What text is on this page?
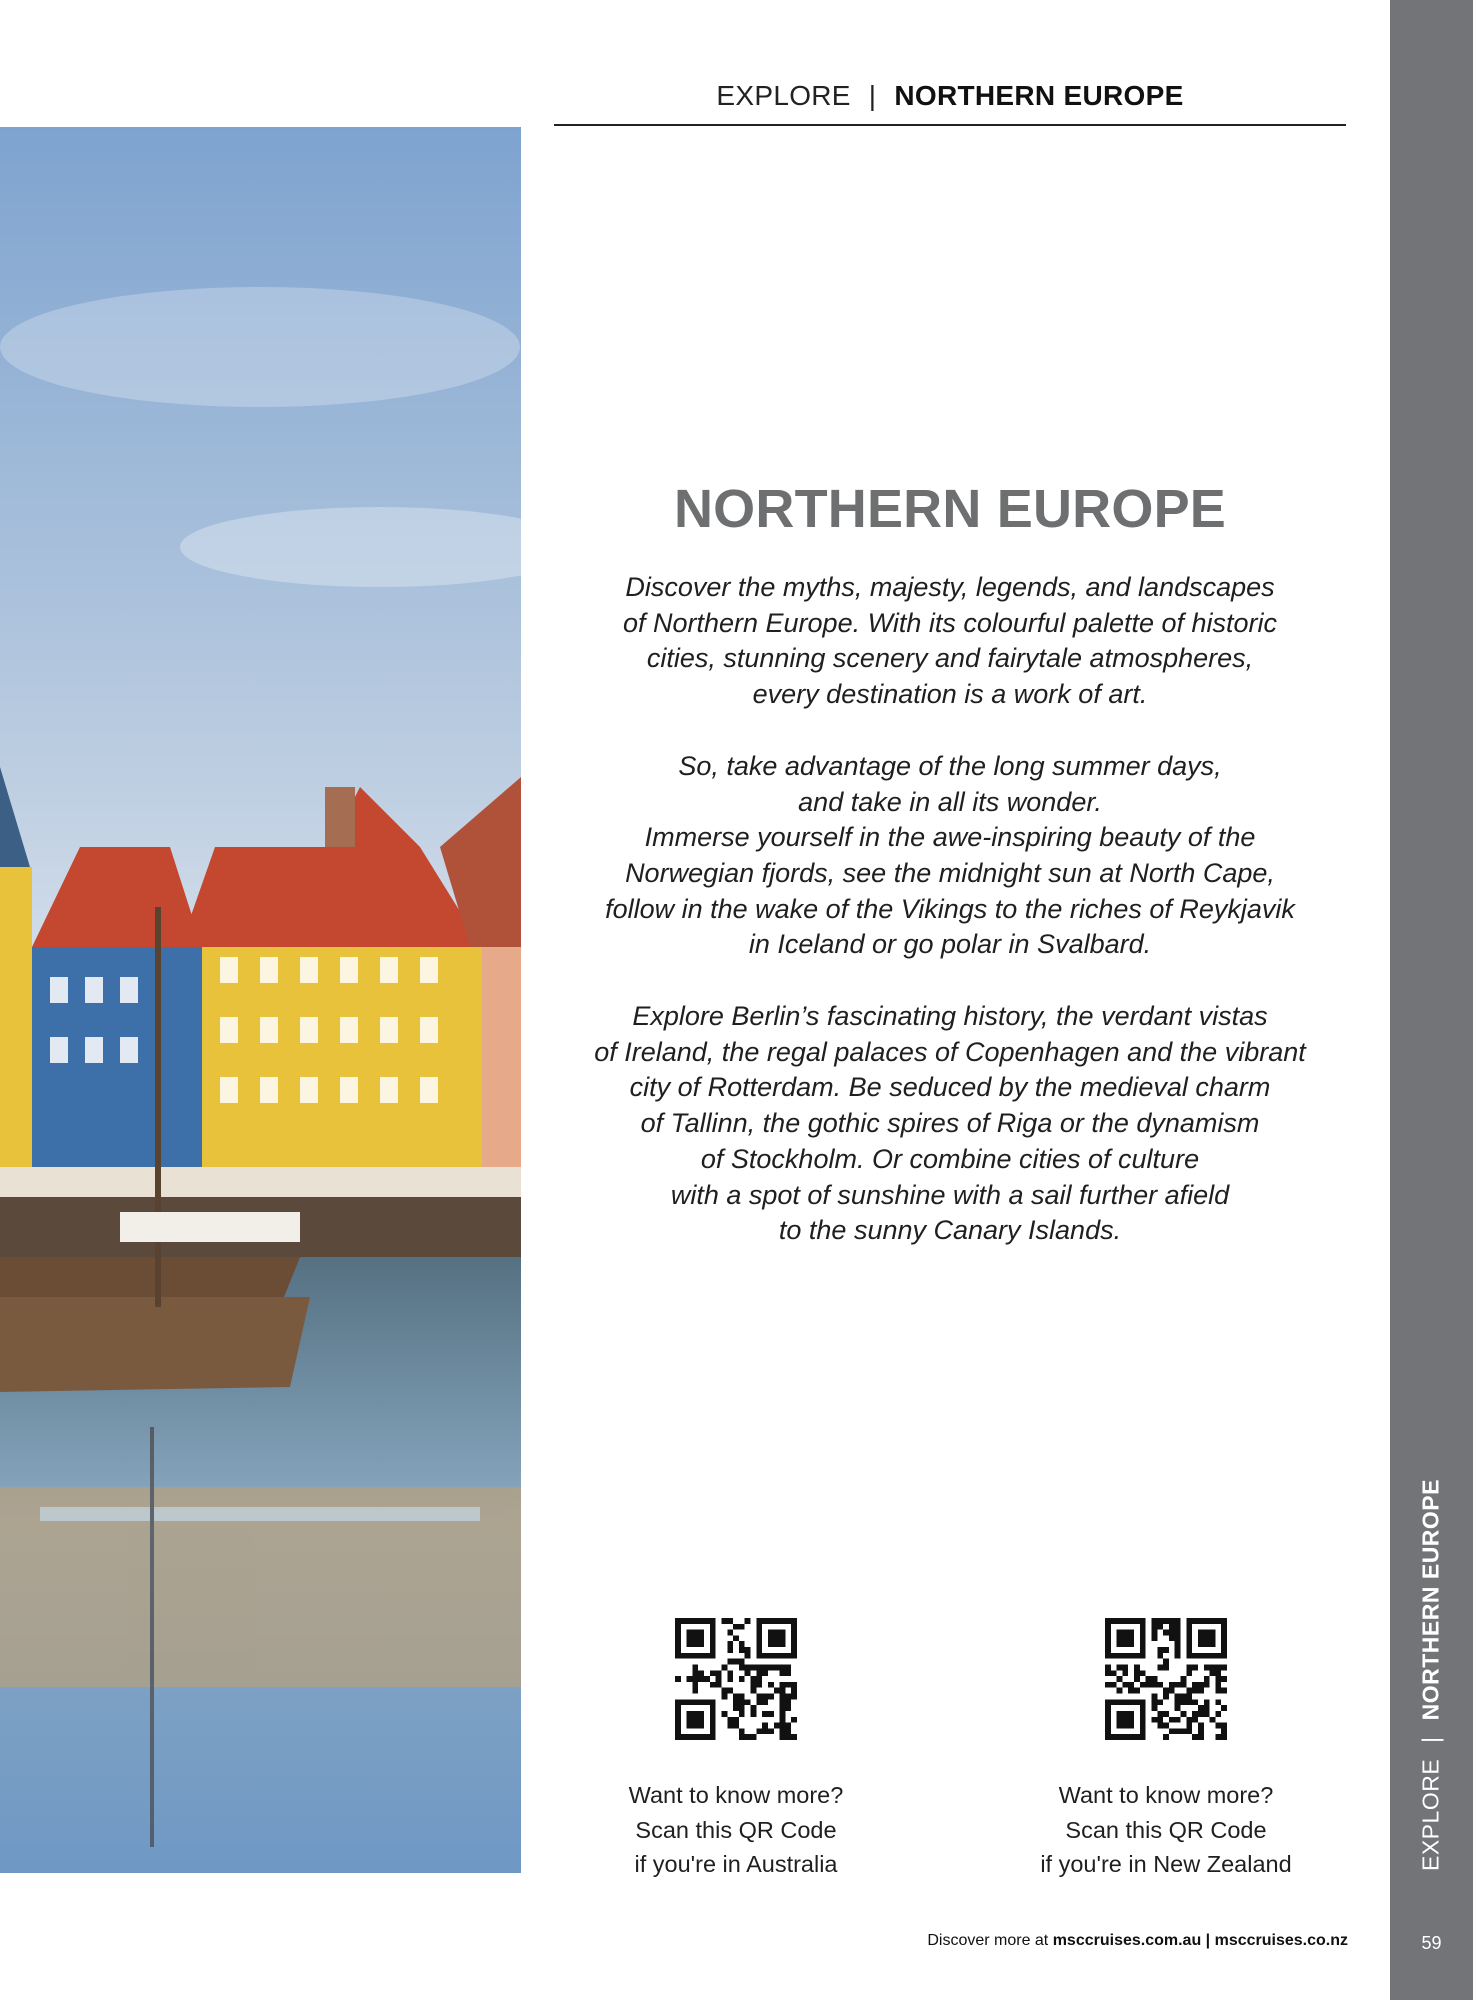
EXPLORE | NORTHERN EUROPE
NORTHERN EUROPE

Discover the myths, majesty, legends, and landscapes
of Northern Europe. With its colourful palette of historic
cities, stunning scenery and fairytale atmospheres,
every destination is a work of art.

So, take advantage of the long summer days,
and take in all its wonder.
Immerse yourself in the awe-inspiring beauty of the
Norwegian fjords, see the midnight sun at North Cape,
follow in the wake of the Vikings to the riches of Reykjavik
in Iceland or go polar in Svalbard.

Explore Berlin’s fascinating history, the verdant vistas
of Ireland, the regal palaces of Copenhagen and the vibrant
city of Rotterdam. Be seduced by the medieval charm
of Tallinn, the gothic spires of Riga or the dynamism
of Stockholm. Or combine cities of culture
with a spot of sunshine with a sail further afield
to the sunny Canary Islands.

Want to know more?
Scan this QR Code
if you're in Australia
Want to know more?
Scan this QR Code
if you're in New Zealand
Discover more at msccruises.com.au | msccruises.co.nz
EXPLORE|NORTHERN EUROPE
59
